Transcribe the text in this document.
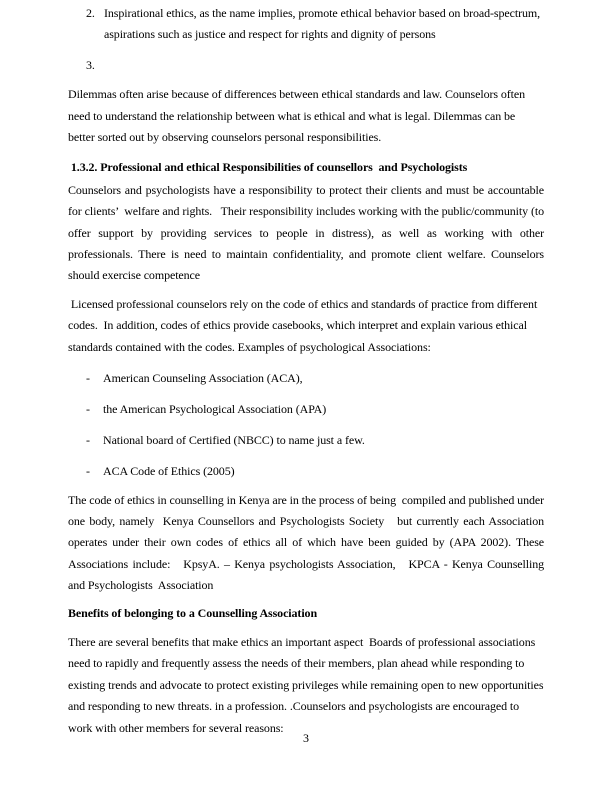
2. Inspirational ethics, as the name implies, promote ethical behavior based on broad-spectrum, aspirations such as justice and respect for rights and dignity of persons
3.

Dilemmas often arise because of differences between ethical standards and law. Counselors often need to understand the relationship between what is ethical and what is legal. Dilemmas can be better sorted out by observing counselors personal responsibilities.

1.3.2. Professional and ethical Responsibilities of counsellors  and Psychologists

Counselors and psychologists have a responsibility to protect their clients and must be accountable for clients’  welfare and rights.   Their responsibility includes working with the public/community (to offer support by providing services to people in distress), as well as working with other professionals. There is need to maintain confidentiality, and promote client welfare. Counselors should exercise competence

Licensed professional counselors rely on the code of ethics and standards of practice from different codes.  In addition, codes of ethics provide casebooks, which interpret and explain various ethical standards contained with the codes. Examples of psychological Associations:

-	American Counseling Association (ACA),
-	the American Psychological Association (APA)
-	National board of Certified (NBCC) to name just a few.
-	ACA Code of Ethics (2005)

The code of ethics in counselling in Kenya are in the process of being  compiled and published under one body, namely  Kenya Counsellors and Psychologists Society   but currently each Association operates under their own codes of ethics all of which have been guided by (APA 2002). These Associations include:   KpsyA. – Kenya psychologists Association,   KPCA - Kenya Counselling and Psychologists  Association

Benefits of belonging to a Counselling Association

There are several benefits that make ethics an important aspect  Boards of professional associations need to rapidly and frequently assess the needs of their members, plan ahead while responding to existing trends and advocate to protect existing privileges while remaining open to new opportunities and responding to new threats. in a profession. .Counselors and psychologists are encouraged to work with other members for several reasons:

3
